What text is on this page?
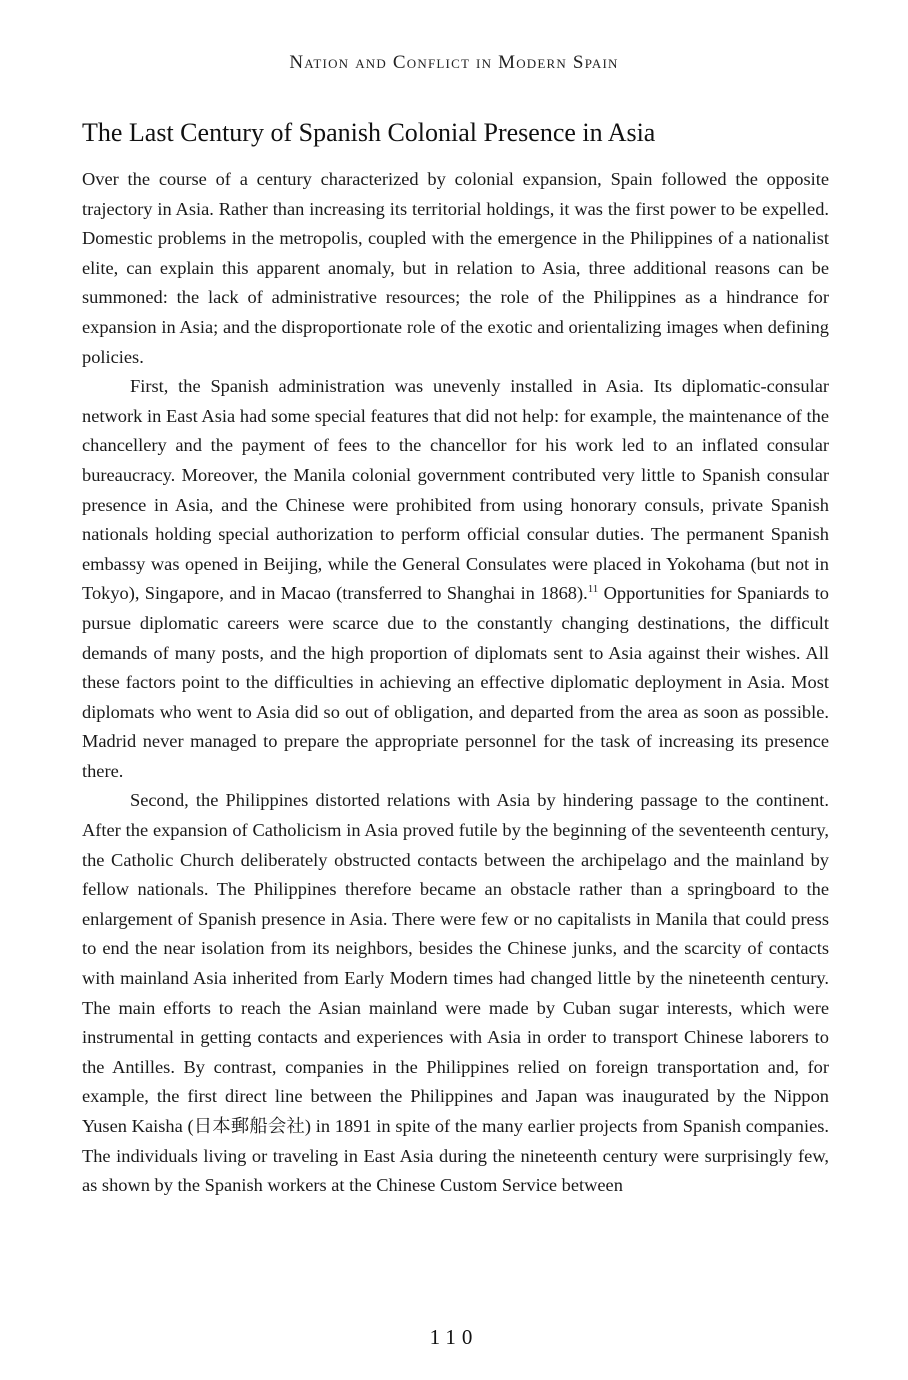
Nation and Conflict in Modern Spain
The Last Century of Spanish Colonial Presence in Asia

Over the course of a century characterized by colonial expansion, Spain followed the opposite trajectory in Asia. Rather than increasing its territorial holdings, it was the first power to be expelled. Domestic problems in the metropolis, coupled with the emergence in the Philippines of a nationalist elite, can explain this apparent anomaly, but in relation to Asia, three additional reasons can be summoned: the lack of administrative resources; the role of the Philippines as a hindrance for expansion in Asia; and the disproportionate role of the exotic and orientalizing images when defining policies.

First, the Spanish administration was unevenly installed in Asia. Its diplomatic-consular network in East Asia had some special features that did not help: for example, the maintenance of the chancellery and the payment of fees to the chancellor for his work led to an inflated consular bureaucracy. Moreover, the Manila colonial government contributed very little to Spanish consular presence in Asia, and the Chinese were prohibited from using honorary consuls, private Spanish nationals holding special authorization to perform official consular duties. The permanent Spanish embassy was opened in Beijing, while the General Consulates were placed in Yokohama (but not in Tokyo), Singapore, and in Macao (transferred to Shanghai in 1868).$^{11}$ Opportunities for Spaniards to pursue diplomatic careers were scarce due to the constantly changing destinations, the difficult demands of many posts, and the high proportion of diplomats sent to Asia against their wishes. All these factors point to the difficulties in achieving an effective diplomatic deployment in Asia. Most diplomats who went to Asia did so out of obligation, and departed from the area as soon as possible. Madrid never managed to prepare the appropriate personnel for the task of increasing its presence there.

Second, the Philippines distorted relations with Asia by hindering passage to the continent. After the expansion of Catholicism in Asia proved futile by the beginning of the seventeenth century, the Catholic Church deliberately obstructed contacts between the archipelago and the mainland by fellow nationals. The Philippines therefore became an obstacle rather than a springboard to the enlargement of Spanish presence in Asia. There were few or no capitalists in Manila that could press to end the near isolation from its neighbors, besides the Chinese junks, and the scarcity of contacts with mainland Asia inherited from Early Modern times had changed little by the nineteenth century. The main efforts to reach the Asian mainland were made by Cuban sugar interests, which were instrumental in getting contacts and experiences with Asia in order to transport Chinese laborers to the Antilles. By contrast, companies in the Philippines relied on foreign transportation and, for example, the first direct line between the Philippines and Japan was inaugurated by the Nippon Yusen Kaisha (日本郵船会社) in 1891 in spite of the many earlier projects from Spanish companies. The individuals living or traveling in East Asia during the nineteenth century were surprisingly few, as shown by the Spanish workers at the Chinese Custom Service between

110
